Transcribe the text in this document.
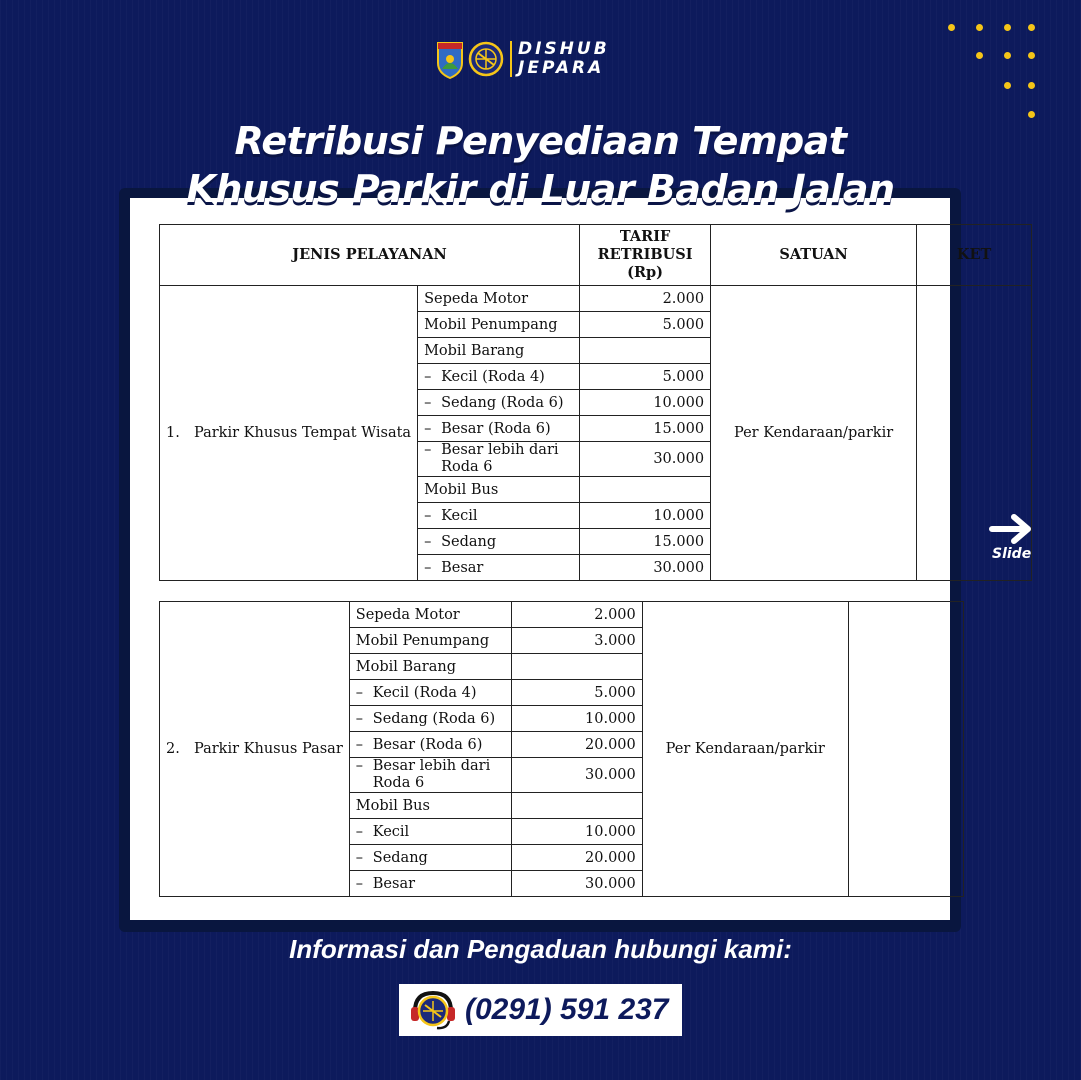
DISHUB
JEPARA
Retribusi Penyediaan Tempat
Khusus Parkir di Luar Badan Jalan
JENIS PELAYANAN		TARIF
RETRIBUSI
(Rp)	SATUAN	KET

1. Parkir Khusus Tempat Wisata	Sepeda Motor	2.000	Per Kendaraan/parkir	

	Mobil Penumpang	5.000		

	Mobil Barang			

	– Kecil (Roda 4)	5.000		

	– Sedang (Roda 6)	10.000		

	– Besar (Roda 6)	15.000		

	– Besar lebih dari Roda 6	30.000		

	Mobil Bus			

	– Kecil	10.000		

	– Sedang	15.000		

	– Besar	30.000		
2. Parkir Khusus Pasar	Sepeda Motor	2.000	Per Kendaraan/parkir	

	Mobil Penumpang	3.000		

	Mobil Barang			

	– Kecil (Roda 4)	5.000		

	– Sedang (Roda 6)	10.000		

	– Besar (Roda 6)	20.000		

	– Besar lebih dari Roda 6	30.000		

	Mobil Bus			

	– Kecil	10.000		

	– Sedang	20.000		

	– Besar	30.000		
Slide
Informasi dan Pengaduan hubungi kami:
(0291) 591 237
